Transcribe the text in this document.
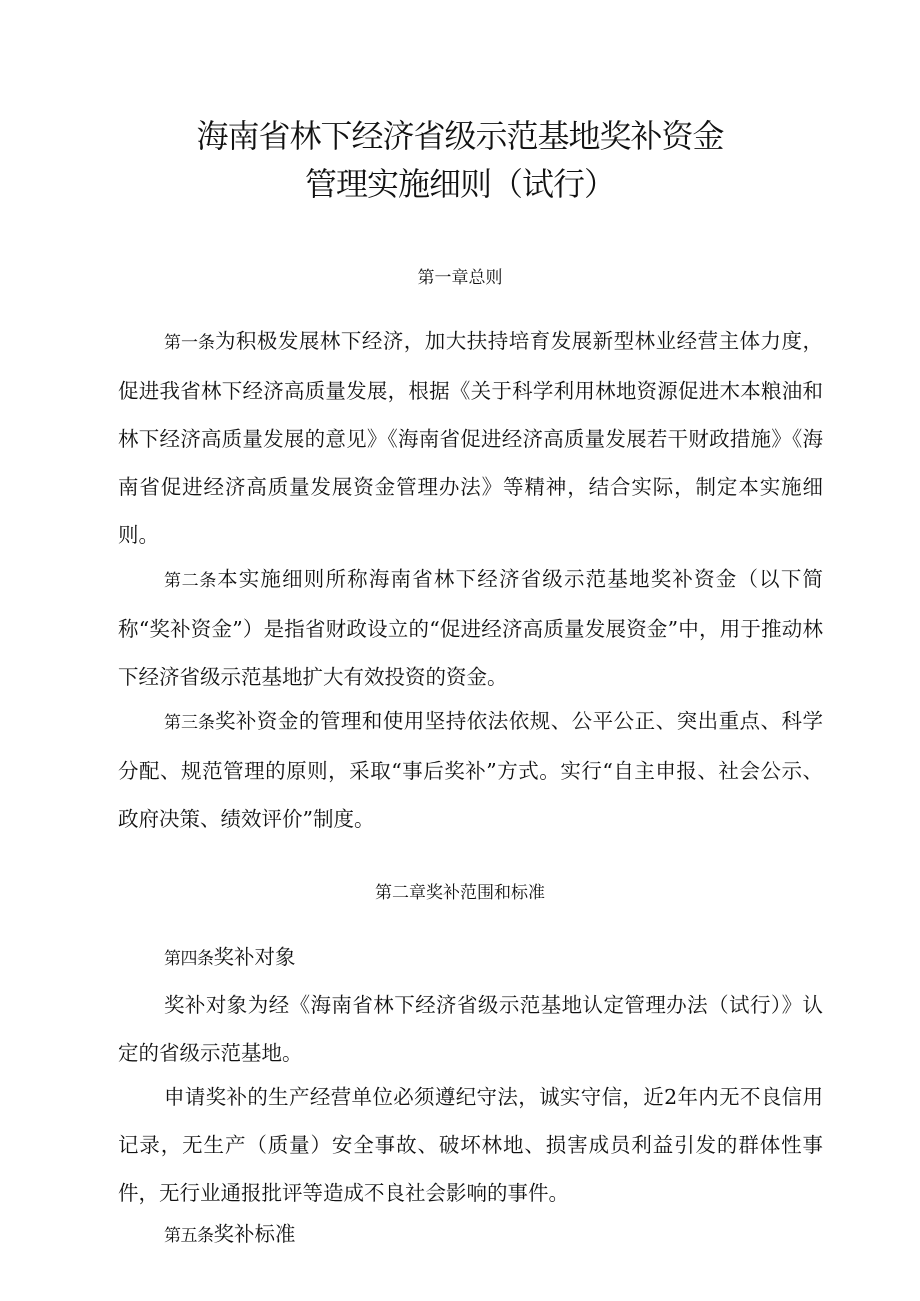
海南省林下经济省级示范基地奖补资金
管理实施细则（试行）
第一章总则

第一条为积极发展林下经济，加大扶持培育发展新型林业经营主体力度，促进我省林下经济高质量发展，根据《关于科学利用林地资源促进木本粮油和林下经济高质量发展的意见》《海南省促进经济高质量发展若干财政措施》《海南省促进经济高质量发展资金管理办法》等精神，结合实际，制定本实施细则。

第二条本实施细则所称海南省林下经济省级示范基地奖补资金（以下简称“奖补资金”）是指省财政设立的“促进经济高质量发展资金”中，用于推动林下经济省级示范基地扩大有效投资的资金。

第三条奖补资金的管理和使用坚持依法依规、公平公正、突出重点、科学分配、规范管理的原则，采取“事后奖补”方式。实行“自主申报、社会公示、政府决策、绩效评价”制度。

第二章奖补范围和标准

第四条奖补对象

奖补对象为经《海南省林下经济省级示范基地认定管理办法（试行）》认定的省级示范基地。

申请奖补的生产经营单位必须遵纪守法，诚实守信，近2年内无不良信用记录，无生产（质量）安全事故、破坏林地、损害成员利益引发的群体性事件，无行业通报批评等造成不良社会影响的事件。

第五条奖补标准
